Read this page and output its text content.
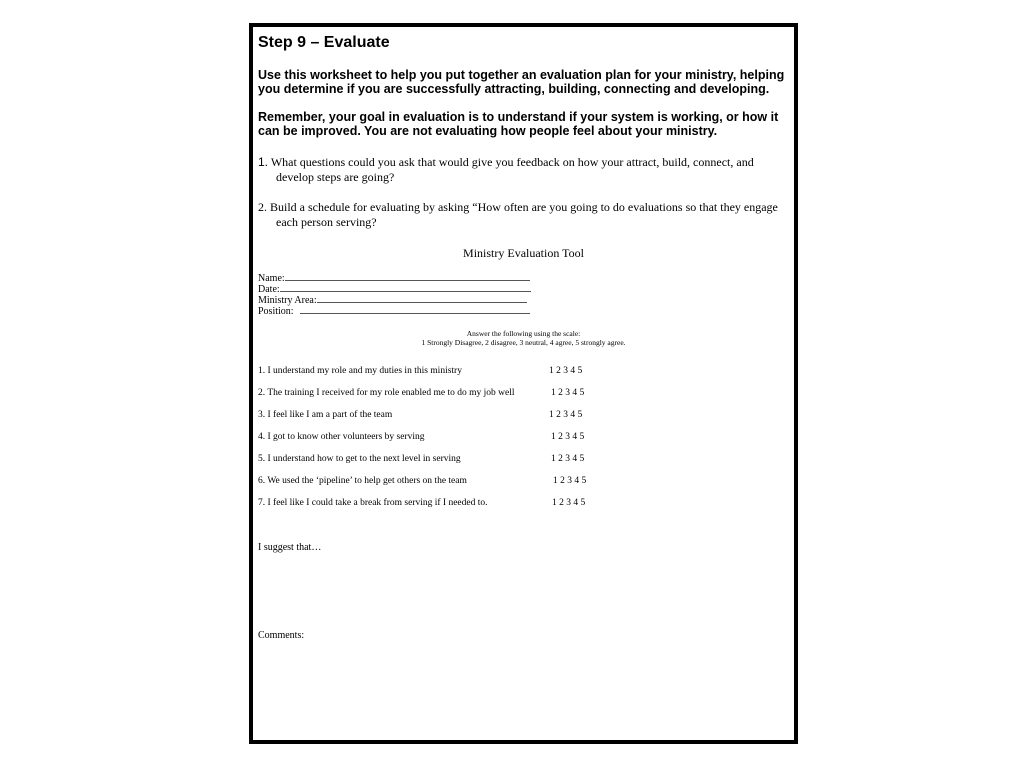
Step 9 – Evaluate
Use this worksheet to help you put together an evaluation plan for your ministry, helping you determine if you are successfully attracting, building, connecting and developing.
Remember, your goal in evaluation is to understand if your system is working, or how it can be improved. You are not evaluating how people feel about your ministry.
1. What questions could you ask that would give you feedback on how your attract, build, connect, and
develop steps are going?
2. Build a schedule for evaluating by asking “How often are you going to do evaluations so that they engage
each person serving?
Ministry Evaluation Tool
Name:
Date:
Ministry Area:
Position:
Answer the following using the scale:
1 Strongly Disagree, 2 disagree, 3 neutral, 4 agree, 5 strongly agree.
1. I understand my role and my duties in this ministry	1 2 3 4 5
2. The training I received for my role enabled me to do my job well	1 2 3 4 5
3. I feel like I am a part of the team	1 2 3 4 5
4. I got to know other volunteers by serving	1 2 3 4 5
5. I understand how to get to the next level in serving	1 2 3 4 5
6. We used the ‘pipeline’ to help get others on the team	1 2 3 4 5
7. I feel like I could take a break from serving if I needed to.	1 2 3 4 5
I suggest that…
Comments:
